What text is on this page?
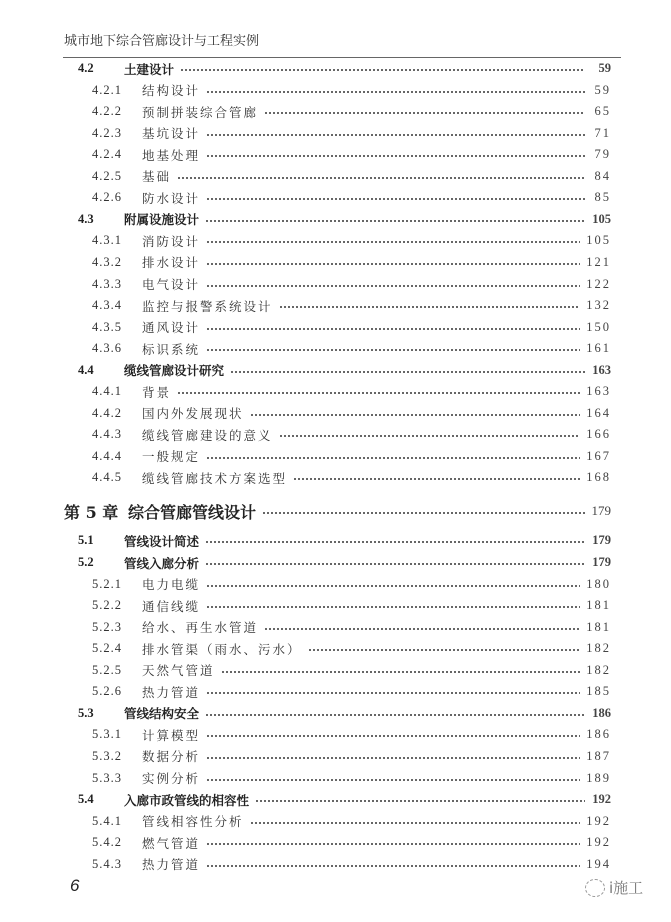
城市地下综合管廊设计与工程实例
4.2	土建设计	59
4.2.1	结构设计	59
4.2.2	预制拼装综合管廊	65
4.2.3	基坑设计	71
4.2.4	地基处理	79
4.2.5	基础	84
4.2.6	防水设计	85
4.3	附属设施设计	105
4.3.1	消防设计	105
4.3.2	排水设计	121
4.3.3	电气设计	122
4.3.4	监控与报警系统设计	132
4.3.5	通风设计	150
4.3.6	标识系统	161
4.4	缆线管廊设计研究	163
4.4.1	背景	163
4.4.2	国内外发展现状	164
4.4.3	缆线管廊建设的意义	166
4.4.4	一般规定	167
4.4.5	缆线管廊技术方案选型	168
第 5 章 综合管廊管线设计	179
5.1	管线设计简述	179
5.2	管线入廊分析	179
5.2.1	电力电缆	180
5.2.2	通信线缆	181
5.2.3	给水、再生水管道	181
5.2.4	排水管渠（雨水、污水）	182
5.2.5	天然气管道	182
5.2.6	热力管道	185
5.3	管线结构安全	186
5.3.1	计算模型	186
5.3.2	数据分析	187
5.3.3	实例分析	189
5.4	入廊市政管线的相容性	192
5.4.1	管线相容性分析	192
5.4.2	燃气管道	192
5.4.3	热力管道	194
6	i施工
